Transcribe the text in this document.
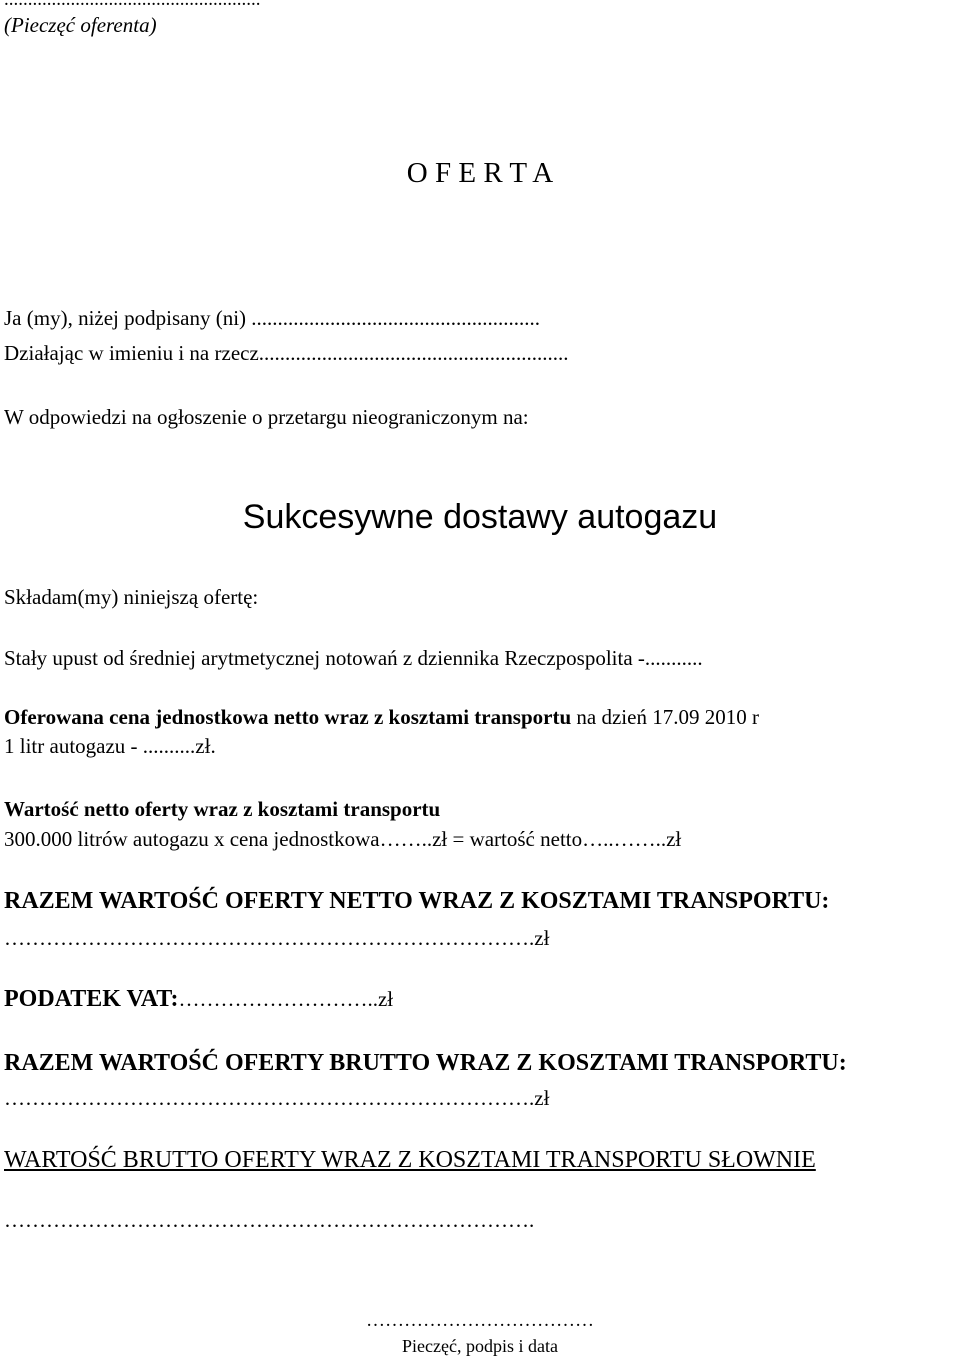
(Pieczęć oferenta)

O F E R T A

Ja (my), niżej podpisany (ni) .......................................................

Działając w imieniu i na rzecz...........................................................

W odpowiedzi na ogłoszenie o przetargu nieograniczonym na:

Sukcesywne dostawy autogazu

Składam(my) niniejszą ofertę:

Stały upust od średniej arytmetycznej notowań z dziennika Rzeczpospolita -...........

Oferowana cena jednostkowa netto wraz z kosztami transportu na dzień 17.09 2010 r

1 litr autogazu - ..........zł.

Wartość netto oferty wraz z kosztami transportu

300.000 litrów autogazu x cena jednostkowa……..zł = wartość netto…..……..zł

RAZEM WARTOŚĆ OFERTY NETTO WRAZ Z KOSZTAMI TRANSPORTU:

………………………………………………………………….zł

PODATEK VAT:………………………..zł

RAZEM WARTOŚĆ OFERTY BRUTTO WRAZ Z KOSZTAMI TRANSPORTU:

………………………………………………………………….zł

WARTOŚĆ BRUTTO OFERTY WRAZ Z KOSZTAMI TRANSPORTU SŁOWNIE

………………………………………………………………….

………………………………

Pieczęć, podpis i data
